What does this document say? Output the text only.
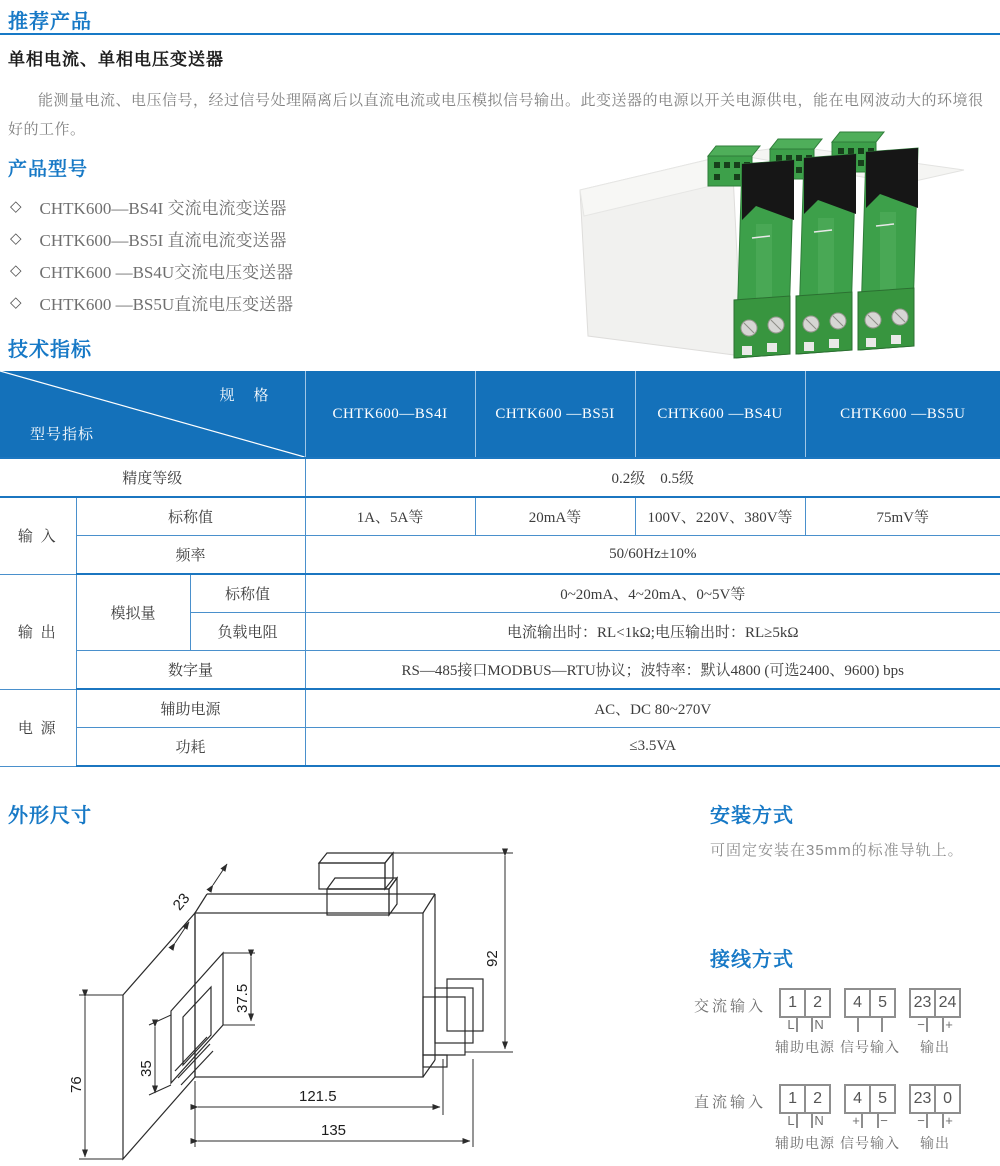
推荐产品
单相电流、单相电压变送器
能测量电流、电压信号，经过信号处理隔离后以直流电流或电压模拟信号输出。此变送器的电源以开关电源供电，能在电网波动大的环境很好的工作。
产品型号
◇ CHTK600—BS4I 交流电流变送器
◇ CHTK600—BS5I 直流电流变送器
◇ CHTK600 —BS4U交流电压变送器
◇ CHTK600 —BS5U直流电压变送器
技术指标
规　格
型号指标			CHTK600—BS4I	CHTK600 —BS5I	CHTK600 —BS4U	CHTK600 —BS5U
精度等级			0.2级　0.5级			
输 入	标称值		1A、5A等	20mA等	100V、220V、380V等	75mV等
	频率		50/60Hz±10%			
输 出	模拟量	标称值	0~20mA、4~20mA、0~5V等			
		负载电阻	电流输出时：RL<1kΩ;电压输出时：RL≥5kΩ			
	数字量		RS—485接口MODBUS—RTU协议；波特率：默认4800 (可选2400、9600) bps			
电 源	辅助电源		AC、DC 80~270V			
	功耗		≤3.5VA			
外形尺寸
23
76
35
37.5
92
121.5
135
安装方式
可固定安装在35mm的标准导轨上。
接线方式
交流输入	1	2
L N
辅助电源
4	5
信号输入
23 24
− +
输出
直流输入	1	2
L N
辅助电源
4	5
+ −
信号输入
23 0
− +
输出
